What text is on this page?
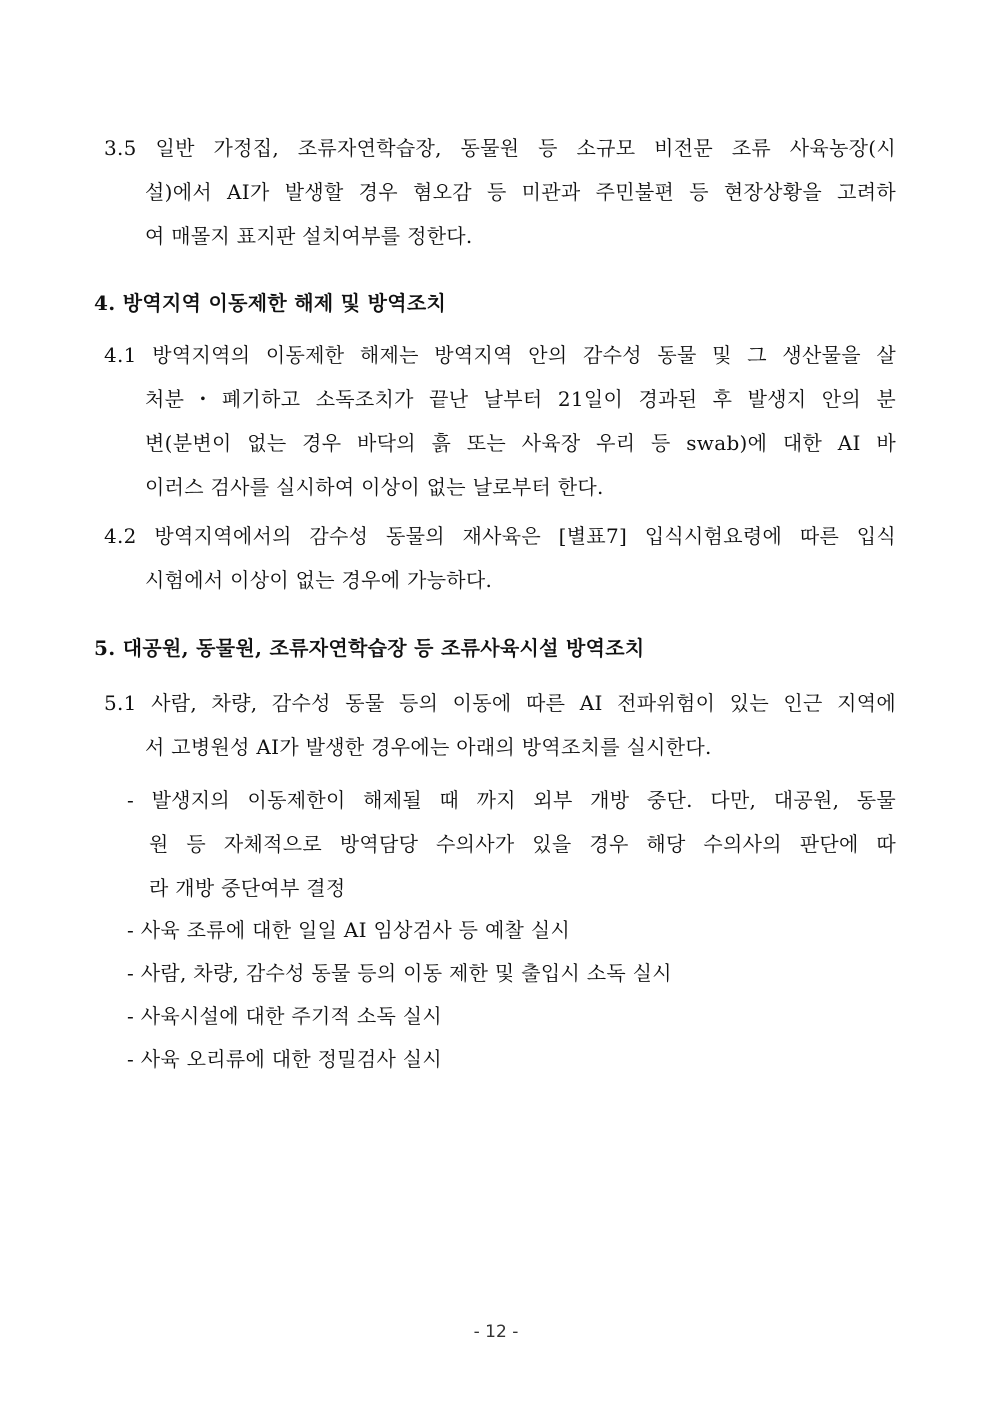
3.5 일반 가정집, 조류자연학습장, 동물원 등 소규모 비전문 조류 사육농장(시
설)에서 AI가 발생할 경우 혐오감 등 미관과 주민불편 등 현장상황을 고려하
여 매몰지 표지판 설치여부를 정한다.
4. 방역지역 이동제한 해제 및 방역조치
4.1 방역지역의 이동제한 해제는 방역지역 안의 감수성 동물 및 그 생산물을 살
처분・폐기하고 소독조치가 끝난 날부터 21일이 경과된 후 발생지 안의 분
변(분변이 없는 경우 바닥의 흙 또는 사육장 우리 등 swab)에 대한 AI 바
이러스 검사를 실시하여 이상이 없는 날로부터 한다.
4.2 방역지역에서의 감수성 동물의 재사육은 [별표7] 입식시험요령에 따른 입식
시험에서 이상이 없는 경우에 가능하다.
5. 대공원, 동물원, 조류자연학습장 등 조류사육시설 방역조치
5.1 사람, 차량, 감수성 동물 등의 이동에 따른 AI 전파위험이 있는 인근 지역에
서 고병원성 AI가 발생한 경우에는 아래의 방역조치를 실시한다.
- 발생지의 이동제한이 해제될 때 까지 외부 개방 중단. 다만, 대공원, 동물
원 등 자체적으로 방역담당 수의사가 있을 경우 해당 수의사의 판단에 따
라 개방 중단여부 결정
- 사육 조류에 대한 일일 AI 임상검사 등 예찰 실시
- 사람, 차량, 감수성 동물 등의 이동 제한 및 출입시 소독 실시
- 사육시설에 대한 주기적 소독 실시
- 사육 오리류에 대한 정밀검사 실시
- 12 -
